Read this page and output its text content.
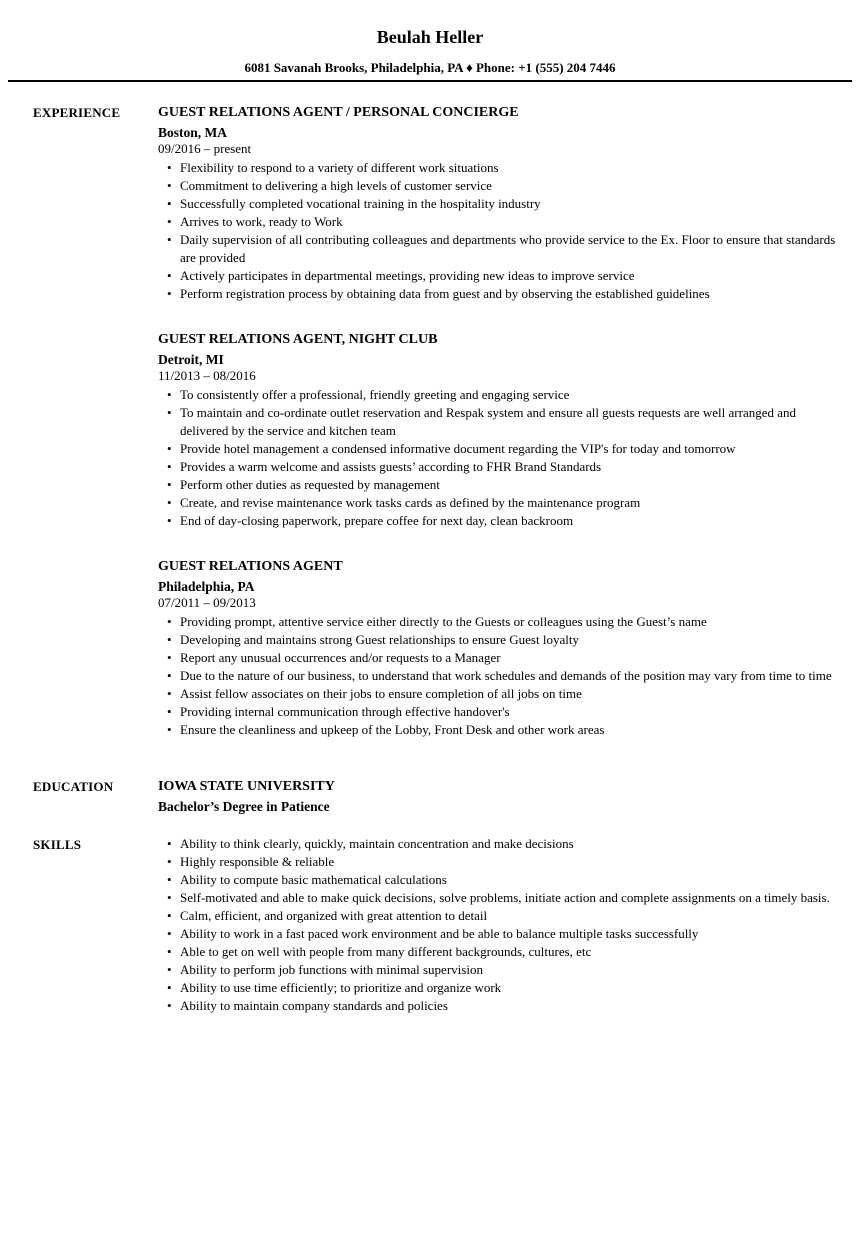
Beulah Heller
6081 Savanah Brooks, Philadelphia, PA ♦ Phone: +1 (555) 204 7446
EXPERIENCE	GUEST RELATIONS AGENT / PERSONAL CONCIERGE
Boston, MA
09/2016 – present
• Flexibility to respond to a variety of different work situations
• Commitment to delivering a high levels of customer service
• Successfully completed vocational training in the hospitality industry
• Arrives to work, ready to Work
• Daily supervision of all contributing colleagues and departments who provide service to the Ex. Floor to ensure that standards are provided
• Actively participates in departmental meetings, providing new ideas to improve service
• Perform registration process by obtaining data from guest and by observing the established guidelines
GUEST RELATIONS AGENT, NIGHT CLUB
Detroit, MI
11/2013 – 08/2016
• To consistently offer a professional, friendly greeting and engaging service
• To maintain and co-ordinate outlet reservation and Respak system and ensure all guests requests are well arranged and delivered by the service and kitchen team
• Provide hotel management a condensed informative document regarding the VIP's for today and tomorrow
• Provides a warm welcome and assists guests’ according to FHR Brand Standards
• Perform other duties as requested by management
• Create, and revise maintenance work tasks cards as defined by the maintenance program
• End of day-closing paperwork, prepare coffee for next day, clean backroom
GUEST RELATIONS AGENT
Philadelphia, PA
07/2011 – 09/2013
• Providing prompt, attentive service either directly to the Guests or colleagues using the Guest’s name
• Developing and maintains strong Guest relationships to ensure Guest loyalty
• Report any unusual occurrences and/or requests to a Manager
• Due to the nature of our business, to understand that work schedules and demands of the position may vary from time to time
• Assist fellow associates on their jobs to ensure completion of all jobs on time
• Providing internal communication through effective handover's
• Ensure the cleanliness and upkeep of the Lobby, Front Desk and other work areas
EDUCATION	IOWA STATE UNIVERSITY
Bachelor’s Degree in Patience
SKILLS	• Ability to think clearly, quickly, maintain concentration and make decisions
• Highly responsible & reliable
• Ability to compute basic mathematical calculations
• Self-motivated and able to make quick decisions, solve problems, initiate action and complete assignments on a timely basis.
• Calm, efficient, and organized with great attention to detail
• Ability to work in a fast paced work environment and be able to balance multiple tasks successfully
• Able to get on well with people from many different backgrounds, cultures, etc
• Ability to perform job functions with minimal supervision
• Ability to use time efficiently; to prioritize and organize work
• Ability to maintain company standards and policies
